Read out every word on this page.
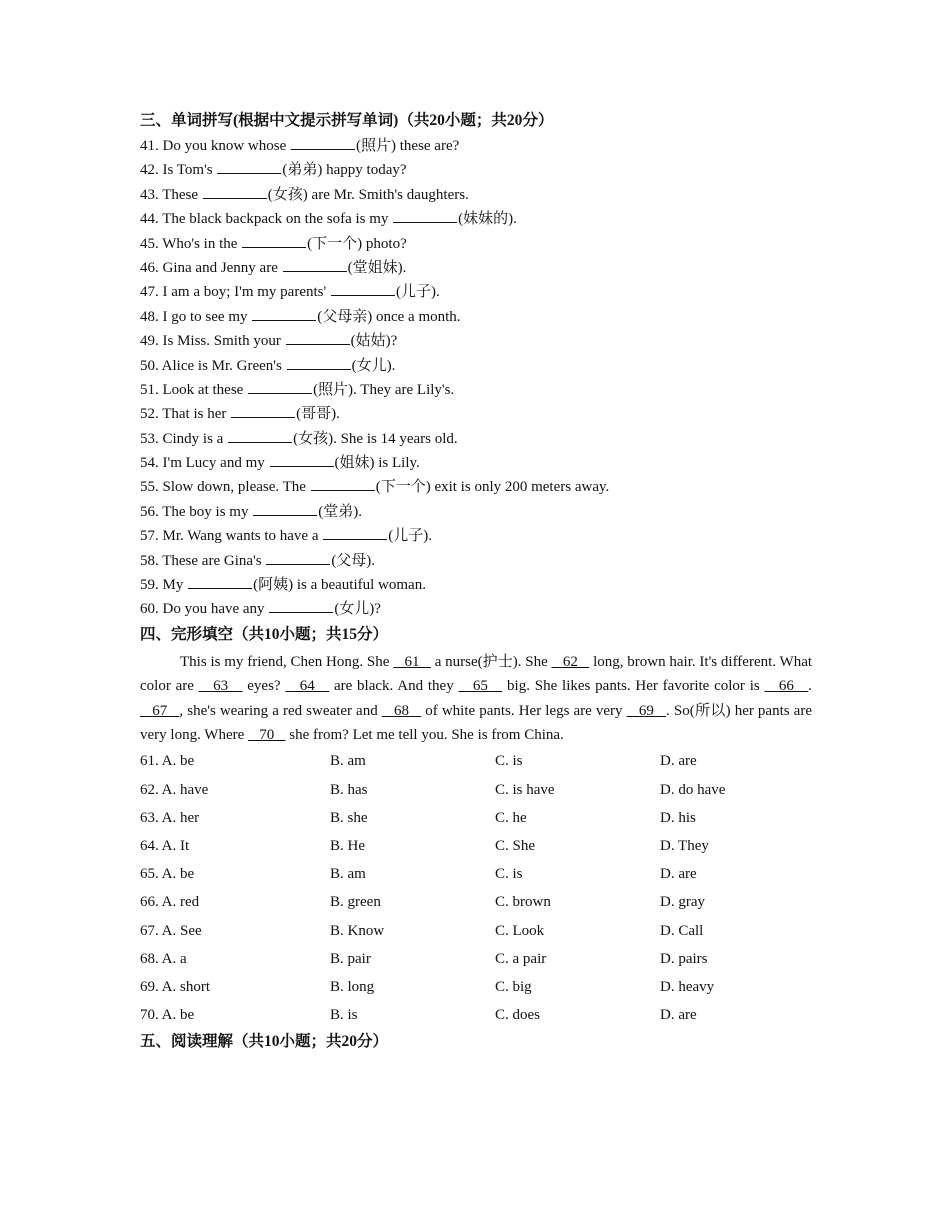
三、单词拼写(根据中文提示拼写单词)（共20小题；共20分）
41. Do you know whose	(照片) these are?
42. Is Tom's	(弟弟) happy today?
43. These	(女孩) are Mr. Smith's daughters.
44. The black backpack on the sofa is my	(妹妹的).
45. Who's in the	(下一个) photo?
46. Gina and Jenny are	(堂姐妹).
47. I am a boy; I'm my parents'	(儿子).
48. I go to see my	(父母亲) once a month.
49. Is Miss. Smith your	(姑姑)?
50. Alice is Mr. Green's	(女儿).
51. Look at these	(照片). They are Lily's.
52. That is her	(哥哥).
53. Cindy is a	(女孩). She is 14 years old.
54. I'm Lucy and my	(姐妹) is Lily.
55. Slow down, please. The	(下一个) exit is only 200 meters away.
56. The boy is my	(堂弟).
57. Mr. Wang wants to have a	(儿子).
58. These are Gina's	(父母).
59. My	(阿姨) is a beautiful woman.
60. Do you have any	(女儿)?
四、完形填空（共10小题；共15分）
This is my friend, Chen Hong. She    61    a nurse(护士). She    62    long, brown hair. It's different. What color are    63    eyes?    64    are black. And they    65    big. She likes pants. Her favorite color is    66   .    67   , she's wearing a red sweater and    68    of white pants. Her legs are very    69   . So(所以) her pants are very long. Where    70    she from? Let me tell you. She is from China.
61. A. be	B. am	C. is	D. are
62. A. have	B. has	C. is have	D. do have
63. A. her	B. she	C. he	D. his
64. A. It	B. He	C. She	D. They
65. A. be	B. am	C. is	D. are
66. A. red	B. green	C. brown	D. gray
67. A. See	B. Know	C. Look	D. Call
68. A. a	B. pair	C. a pair	D. pairs
69. A. short	B. long	C. big	D. heavy
70. A. be	B. is	C. does	D. are
五、阅读理解（共10小题；共20分）
